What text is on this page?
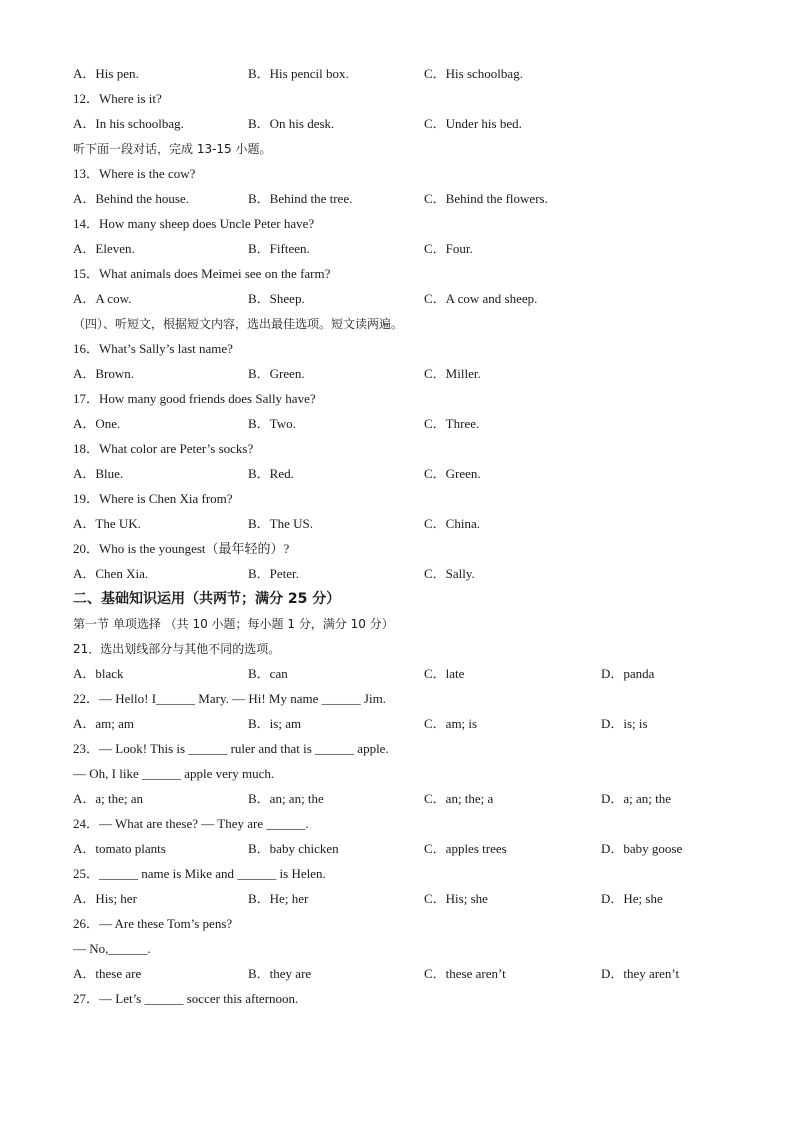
A．His pen.	B．His pencil box.	C．His schoolbag.
12．Where is it?
A．In his schoolbag.	B．On his desk.	C．Under his bed.
听下面一段对话，完成 13-15 小题。
13．Where is the cow?
A．Behind the house.	B．Behind the tree.	C．Behind the flowers.
14．How many sheep does Uncle Peter have?
A．Eleven.	B．Fifteen.	C．Four.
15．What animals does Meimei see on the farm?
A．A cow.	B．Sheep.	C．A cow and sheep.
（四）、听短文，根据短文内容，选出最佳选项。短文读两遍。
16．What’s Sally’s last name?
A．Brown.	B．Green.	C．Miller.
17．How many good friends does Sally have?
A．One.	B．Two.	C．Three.
18．What color are Peter’s socks?
A．Blue.	B．Red.	C．Green.
19．Where is Chen Xia from?
A．The UK.	B．The US.	C．China.
20．Who is the youngest（最年轻的）?
A．Chen Xia.	B．Peter.	C．Sally.
二、基础知识运用（共两节；满分 25 分）
第一节 单项选择 （共 10 小题；每小题 1 分，满分 10 分）
21．选出划线部分与其他不同的选项。
A．black	B．can	C．late	D．panda
22．— Hello! I______ Mary. — Hi! My name ______ Jim.
A．am; am	B．is; am	C．am; is	D．is; is
23．— Look! This is ______ ruler and that is ______ apple.
— Oh, I like ______ apple very much.
A．a; the; an	B．an; an; the	C．an; the; a	D．a; an; the
24．— What are these? — They are ______.
A．tomato plants	B．baby chicken	C．apples trees	D．baby goose
25．______ name is Mike and ______ is Helen.
A．His; her	B．He; her	C．His; she	D．He; she
26．— Are these Tom’s pens?
— No,______.
A．these are	B．they are	C．these aren’t	D．they aren’t
27．— Let’s ______ soccer this afternoon.
